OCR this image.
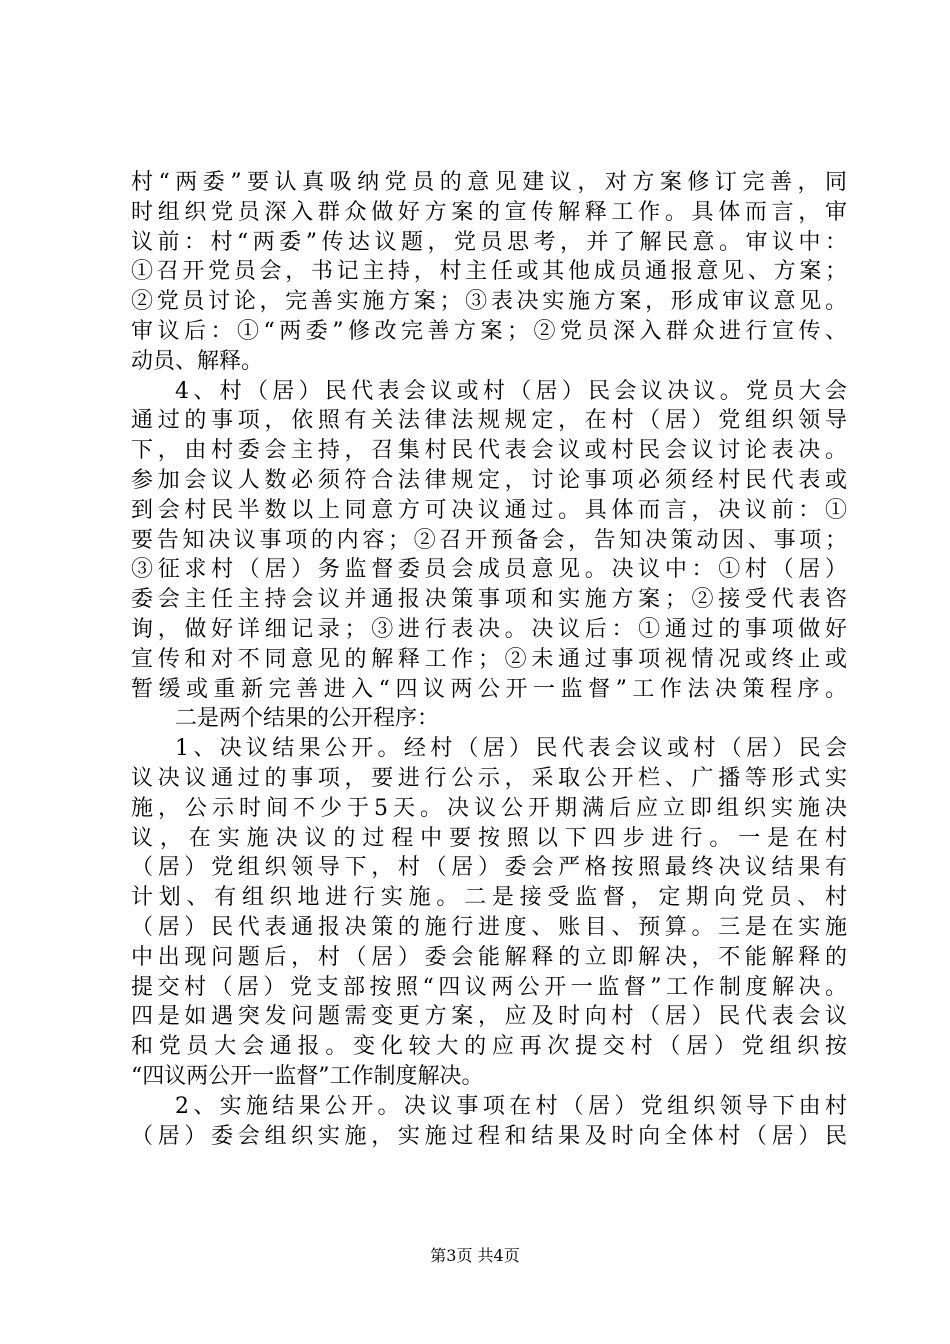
村“两委”要认真吸纳党员的意见建议，对方案修订完善，同
时组织党员深入群众做好方案的宣传解释工作。具体而言，审
议前：村“两委”传达议题，党员思考，并了解民意。审议中：
①召开党员会，书记主持，村主任或其他成员通报意见、方案；
②党员讨论，完善实施方案；③表决实施方案，形成审议意见。
审议后：①“两委”修改完善方案；②党员深入群众进行宣传、
动员、解释。
4、村（居）民代表会议或村（居）民会议决议。党员大会
通过的事项，依照有关法律法规规定，在村（居）党组织领导
下，由村委会主持，召集村民代表会议或村民会议讨论表决。
参加会议人数必须符合法律规定，讨论事项必须经村民代表或
到会村民半数以上同意方可决议通过。具体而言，决议前：①
要告知决议事项的内容；②召开预备会，告知决策动因、事项；
③征求村（居）务监督委员会成员意见。决议中：①村（居）
委会主任主持会议并通报决策事项和实施方案；②接受代表咨
询，做好详细记录；③进行表决。决议后：①通过的事项做好
宣传和对不同意见的解释工作；②未通过事项视情况或终止或
暂缓或重新完善进入“四议两公开一监督”工作法决策程序。
二是两个结果的公开程序：
1、决议结果公开。经村（居）民代表会议或村（居）民会
议决议通过的事项，要进行公示，采取公开栏、广播等形式实
施，公示时间不少于5天。决议公开期满后应立即组织实施决
议，在实施决议的过程中要按照以下四步进行。一是在村
（居）党组织领导下，村（居）委会严格按照最终决议结果有
计划、有组织地进行实施。二是接受监督，定期向党员、村
（居）民代表通报决策的施行进度、账目、预算。三是在实施
中出现问题后，村（居）委会能解释的立即解决，不能解释的
提交村（居）党支部按照“四议两公开一监督”工作制度解决。
四是如遇突发问题需变更方案，应及时向村（居）民代表会议
和党员大会通报。变化较大的应再次提交村（居）党组织按
“四议两公开一监督”工作制度解决。
2、实施结果公开。决议事项在村（居）党组织领导下由村
（居）委会组织实施，实施过程和结果及时向全体村（居）民
第3页 共4页
